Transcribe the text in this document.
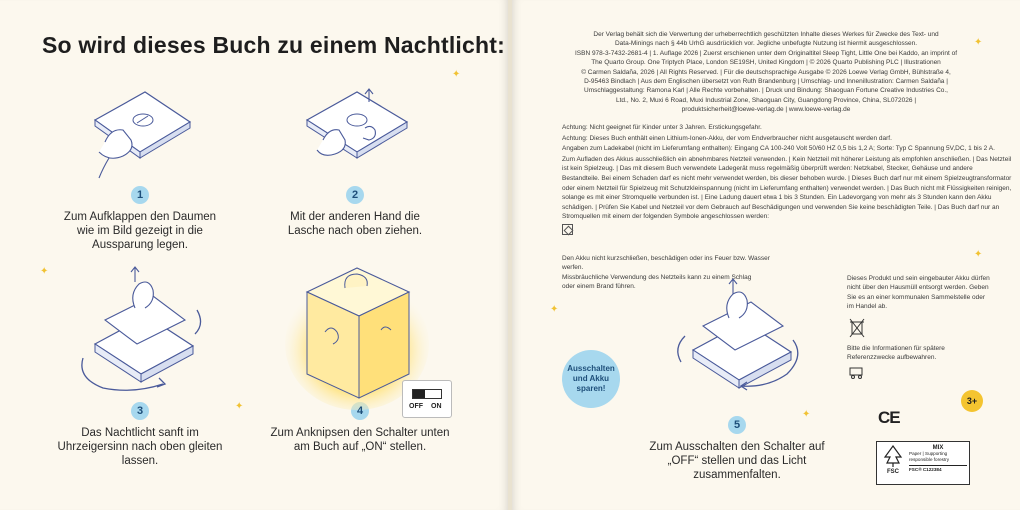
So wird dieses Buch zu einem Nachtlicht:
✦
✦
✦
1
Zum Aufklappen den Daumen wie im Bild gezeigt in die Aussparung legen.
2
Mit der anderen Hand die Lasche nach oben ziehen.
3
Das Nachtlicht sanft im Uhrzeigersinn nach oben gleiten lassen.
4
Zum Anknipsen den Schalter unten am Buch auf „ON“ stellen.
OFF ON
✦
✦
✦
✦
Der Verlag behält sich die Verwertung der urheberrechtlich geschützten Inhalte dieses Werkes für Zwecke des Text- und
Data-Minings nach § 44b UrhG ausdrücklich vor. Jegliche unbefugte Nutzung ist hiermit ausgeschlossen.
ISBN 978-3-7432-2681-4 | 1. Auflage 2026 | Zuerst erschienen unter dem Originaltitel Sleep Tight, Little One bei Kaddo, an imprint of
The Quarto Group. One Triptych Place, London SE19SH, United Kingdom | © 2026 Quarto Publishing PLC | Illustrationen
© Carmen Saldaña, 2026 | All Rights Reserved. | Für die deutschsprachige Ausgabe © 2026 Loewe Verlag GmbH, Bühlstraße 4,
D-95463 Bindlach | Aus dem Englischen übersetzt von Ruth Brandenburg | Umschlag- und Innenillustration: Carmen Saldaña |
Umschlaggestaltung: Ramona Karl | Alle Rechte vorbehalten. | Druck und Bindung: Shaoguan Fortune Creative Industries Co.,
Ltd., No. 2, Muxi 6 Road, Muxi Industrial Zone, Shaoguan City, Guangdong Province, China, SL072026 |
produktsicherheit@loewe-verlag.de | www.loewe-verlag.de

Achtung: Nicht geeignet für Kinder unter 3 Jahren. Erstickungsgefahr.

Achtung: Dieses Buch enthält einen Lithium-Ionen-Akku, der vom Endverbraucher nicht ausgetauscht werden darf.

Angaben zum Ladekabel (nicht im Lieferumfang enthalten): Eingang CA 100-240 Volt 50/60 HZ 0,5 bis 1,2 A; Sorte: Typ C Spannung 5V,DC, 1 bis 2 A.

Zum Aufladen des Akkus ausschließlich ein abnehmbares Netzteil verwenden. | Kein Netzteil mit höherer Leistung als empfohlen anschließen. | Das Netzteil ist kein Spielzeug. | Das mit diesem Buch verwendete Ladegerät muss regelmäßig überprüft werden: Netzkabel, Stecker, Gehäuse und andere Bestandteile. Bei einem Schaden darf es nicht mehr verwendet werden, bis dieser behoben wurde. | Dieses Buch darf nur mit einem Spielzeugtransformator oder einem Netzteil für Spielzeug mit Schutzkleinspannung (nicht im Lieferumfang enthalten) verwendet werden. | Das Buch nicht mit Flüssigkeiten reinigen, solange es mit einer Stromquelle verbunden ist. | Eine Ladung dauert etwa 1 bis 3 Stunden. Ein Ladevorgang von mehr als 3 Stunden kann den Akku schädigen. | Prüfen Sie Kabel und Netzteil vor dem Gebrauch auf Beschädigungen und verwenden Sie keine beschädigten Teile. | Das Buch darf nur an Stromquellen mit einem der folgenden Symbole angeschlossen werden:

Den Akku nicht kurzschließen, beschädigen oder ins Feuer bzw. Wasser werfen.
Missbräuchliche Verwendung des Netzteils kann zu einem Schlag
oder einem Brand führen.
Dieses Produkt und sein eingebauter Akku dürfen nicht über den Hausmüll entsorgt werden. Geben Sie es an einer kommunalen Sammelstelle oder im Handel ab.
Bitte die Informationen für spätere Referenzzwecke aufbewahren.
Ausschalten und Akku sparen!
5
Zum Ausschalten den Schalter auf „OFF“ stellen und das Licht zusammenfalten.
3+
CE
FSC
MIX
Paper | Supporting
responsible forestry
FSC® C122384
